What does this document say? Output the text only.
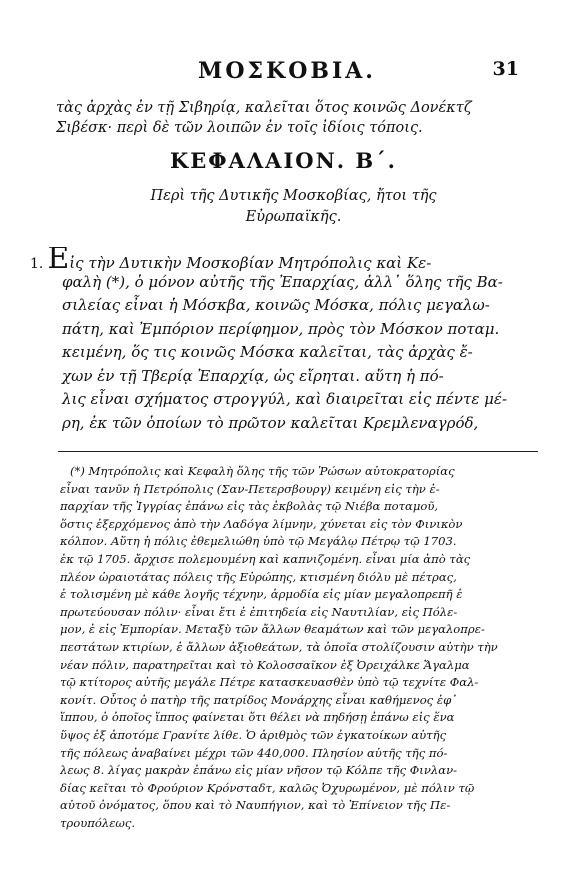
ΜΟΣΚΟΒΙΑ.	31
τὰς ἀρχὰς ἐν τῇ Σιβηρίᾳ, καλεῖται ὅτος κοινῶς Δονέκτζ
Σιβέσκ· περὶ δὲ τῶν λοιπῶν ἐν τοῖς ἰδίοις τόποις.
ΚΕΦΑΛΑΙΟΝ. Β΄.
Περὶ τῆς Δυτικῆς Μοσκοβίας, ἤτοι τῆς
Εὐρωπαϊκῆς.
1. Εἰς τὴν Δυτικὴν Μοσκοβίαν Μητρόπολις καὶ Κε-
φαλὴ (*), ὁ μόνον αὐτῆς τῆς Ἐπαρχίας, ἀλλ᾽ ὅλης τῆς Βα-
σιλείας εἶναι ἡ Μόσκβα, κοινῶς Μόσκα, πόλις μεγαλω-
πάτη, καὶ Ἐμπόριον περίφημον, πρὸς τὸν Μόσκον ποταμ.
κειμένη, ὅς τις κοινῶς Μόσκα καλεῖται, τὰς ἀρχὰς ἔ-
χων ἐν τῇ Τβερίᾳ Ἐπαρχίᾳ, ὡς εἴρηται. αὕτη ἡ πό-
λις εἶναι σχήματος στρογγύλ, καὶ διαιρεῖται εἰς πέντε μέ-
ρη, ἐκ τῶν ὁποίων τὸ πρῶτον καλεῖται Κρεμλεναγρόδ,
(*) Μητρόπολις καὶ Κεφαλὴ ὅλης τῆς τῶν Ῥώσων αὐτοκρατορίας
εἶναι τανῦν ἡ Πετρόπολις (Σαν-Πετερσβουργ) κειμένη εἰς τὴν ἐ-
παρχίαν τῆς Ἰγγρίας ἐπάνω εἰς τὰς ἐκβολὰς τῷ Νιέβα ποταμοῦ,
ὅστις ἐξερχόμενος ἀπὸ τὴν Λαδόγα λίμνην, χύνεται εἰς τὸν Φινικὸν
κόλπον. Αὕτη ἡ πόλις ἐθεμελιώθη ὑπὸ τῷ Μεγάλῳ Πέτρῳ τῷ 1703.
ἐκ τῷ 1705. ἄρχισε πολεμουμένη καὶ καπνιζομένη. εἶναι μία ἀπὸ τὰς
πλέον ὡραιοτάτας πόλεις τῆς Εὐρώπης, κτισμένη διόλυ μὲ πέτρας,
ἐ τολισμένη μὲ κάθε λογῆς τέχνην, ἁρμοδία εἰς μίαν μεγαλοπρεπῆ ἐ
πρωτεύουσαν πόλιν· εἶναι ἔτι ἐ ἐπιτηδεία εἰς Ναυτιλίαν, εἰς Πόλε-
μον, ἐ εἰς Ἐμπορίαν. Μεταξὺ τῶν ἄλλων θεαμάτων καὶ τῶν μεγαλοπρε-
πεστάτων κτιρίων, ἐ ἄλλων ἀξιοθεάτων, τὰ ὁποῖα στολίζουσιν αὐτὴν τὴν
νέαν πόλιν, παρατηρεῖται καὶ τὸ Κολοσσαῖκον ἐξ Ὀρειχάλκε Ἄγαλμα
τῷ κτίτορος αὐτῆς μεγάλε Πέτρε κατασκευασθὲν ὑπὸ τῷ τεχνίτε Φαλ-
κονίτ. Οὗτος ὁ πατὴρ τῆς πατρίδος Μονάρχης εἶναι καθήμενος ἐφ᾽
ἵππου, ὁ ὁποῖος ἵππος φαίνεται ὅτι θέλει νὰ πηδήσῃ ἐπάνω εἰς ἕνα
ὕψος ἐξ ἀποτόμε Γρανίτε λίθε. Ὁ ἀριθμὸς τῶν ἐγκατοίκων αὐτῆς
τῆς πόλεως ἀναβαίνει μέχρι τῶν 440,000. Πλησίον αὐτῆς τῆς πό-
λεως 8. λίγας μακρὰν ἐπάνω εἰς μίαν νῆσον τῷ Κόλπε τῆς Φινλαν-
δίας κεῖται τὸ Φρούριον Κρόνσταδτ, καλῶς Ὀχυρωμένον, μὲ πόλιν τῷ
αὐτοῦ ὀνόματος, ὅπου καὶ τὸ Ναυπήγιον, καὶ τὸ Ἐπίνειον τῆς Πε-
τρουπόλεως.
